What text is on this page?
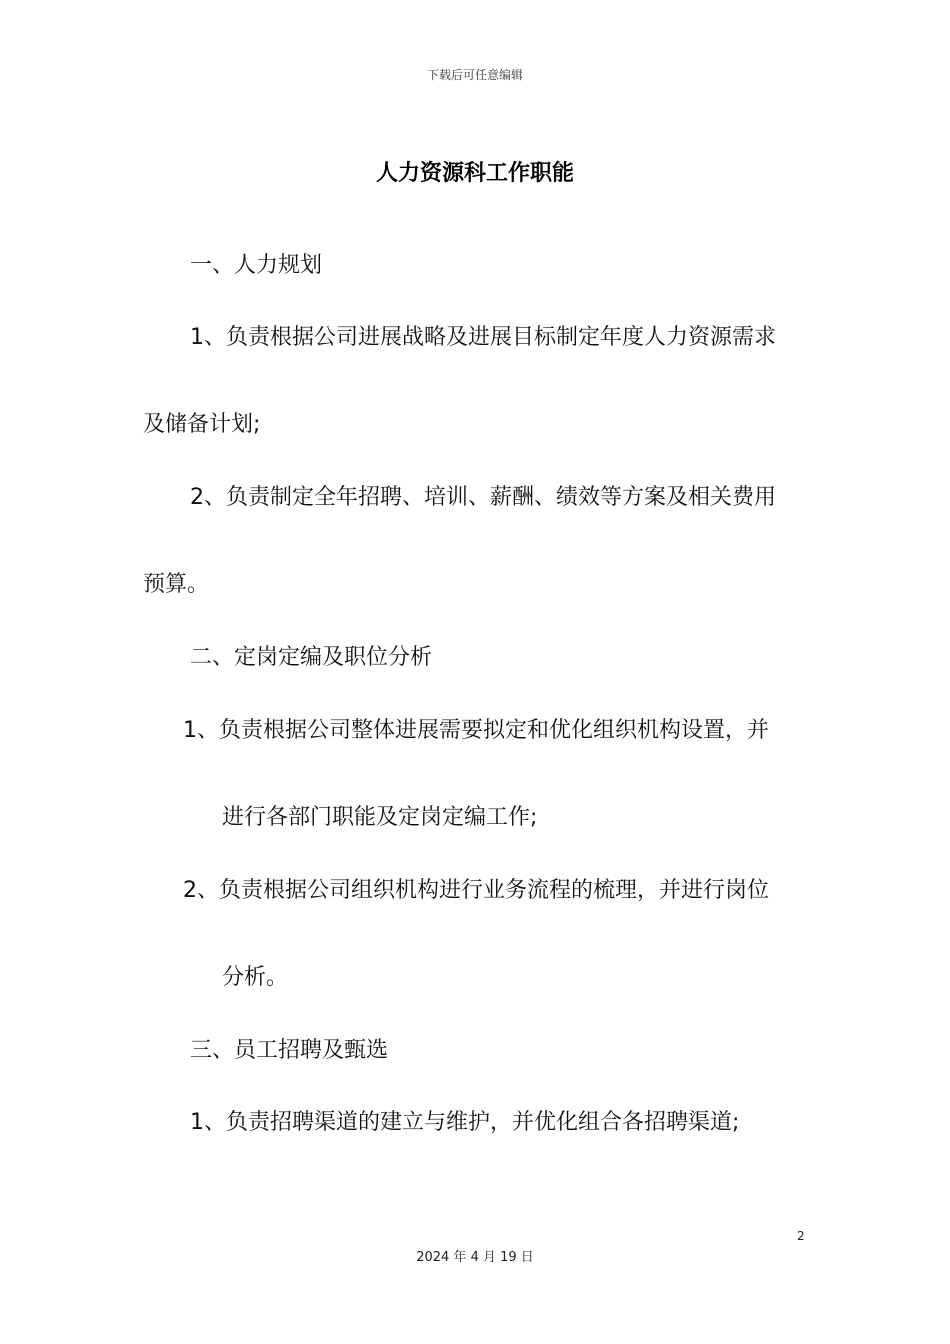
下载后可任意编辑
人力资源科工作职能
一、人力规划
1、负责根据公司进展战略及进展目标制定年度人力资源需求
及储备计划;
2、负责制定全年招聘、培训、薪酬、绩效等方案及相关费用
预算。
二、定岗定编及职位分析
1、负责根据公司整体进展需要拟定和优化组织机构设置，并
进行各部门职能及定岗定编工作;
2、负责根据公司组织机构进行业务流程的梳理，并进行岗位
分析。
三、员工招聘及甄选
1、负责招聘渠道的建立与维护，并优化组合各招聘渠道;
2
2024 年 4 月 19 日
